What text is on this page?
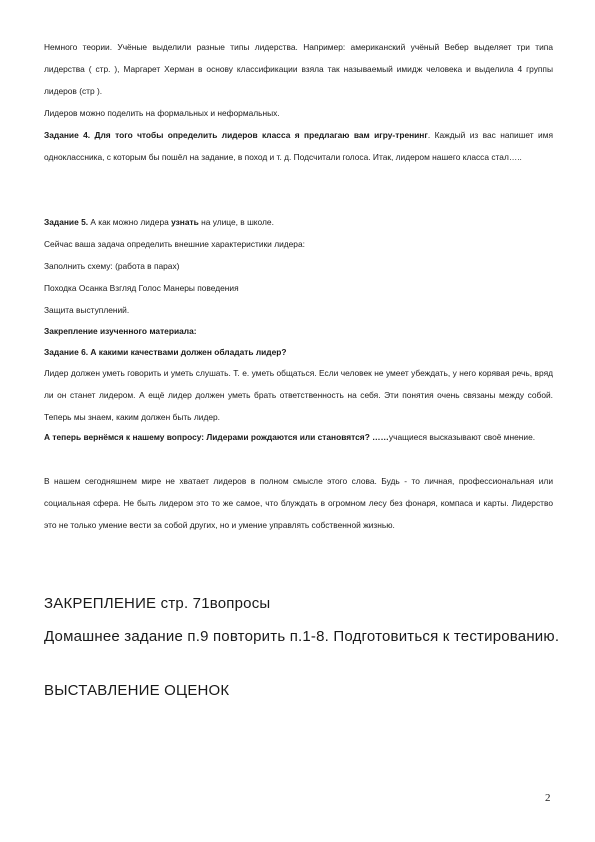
Немного теории. Учёные выделили разные типы лидерства. Например: американский учёный Вебер выделяет три типа лидерства ( стр. ), Маргарет Херман в основу классификации взяла так называемый имидж человека и выделила 4 группы лидеров (стр ).

Лидеров можно поделить на формальных и неформальных.

Задание 4. Для того чтобы определить лидеров класса я предлагаю вам игру-тренинг. Каждый из вас напишет имя одноклассника, с которым бы пошёл на задание, в поход и т. д. Подсчитали голоса. Итак, лидером нашего класса стал…..

Задание 5. А как можно лидера узнать на улице, в школе.

Сейчас ваша задача определить внешние характеристики лидера:

Заполнить схему: (работа в парах)

Походка Осанка Взгляд Голос Манеры поведения

Защита выступлений.

Закрепление изученного материала:

Задание 6. А какими качествами должен обладать лидер?

Лидер должен уметь говорить и уметь слушать. Т. е. уметь общаться. Если человек не умеет убеждать, у него корявая речь, вряд ли он станет лидером. А ещё лидер должен уметь брать ответственность на себя. Эти понятия очень связаны между собой. Теперь мы знаем, каким должен быть лидер.

А теперь вернёмся к нашему вопросу: Лидерами рождаются или становятся? ……учащиеся высказывают своё мнение.

В нашем сегодняшнем мире не хватает лидеров в полном смысле этого слова. Будь - то личная, профессиональная или социальная сфера. Не быть лидером это то же самое, что блуждать в огромном лесу без фонаря, компаса и карты. Лидерство это не только умение вести за собой других, но и умение управлять собственной жизнью.

ЗАКРЕПЛЕНИЕ стр. 71вопросы

Домашнее задание п.9 повторить п.1-8. Подготовиться к тестированию.

ВЫСТАВЛЕНИЕ ОЦЕНОК

2
